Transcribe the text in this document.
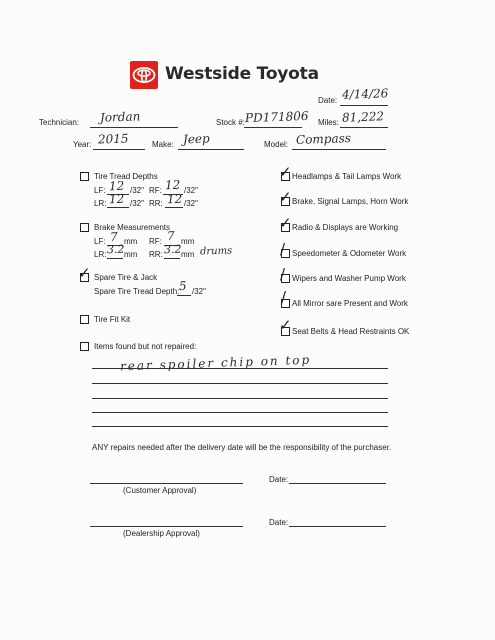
Westside Toyota
Date: 4/14/26
Technician: Jordan	Stock #: PD171806 Miles: 81,222
Year: 2015	Make: Jeep	Model: Compass
Tire Tread Depths
LF: 12 /32" RF: 12 /32"
LR: 12 /32" RR: 12 /32"
Brake Measurements
LF: 7 mm RF: 7 mm
LR: 3.2 mm RR: 3.2 mm drums
✓ Spare Tire & Jack
Spare Tire Tread Depth: 5 /32"
Tire Fit Kit
Items found but not repaired:
rear spoiler chip on top
✓ Headlamps & Tail Lamps Work
✓ Brake, Signal Lamps, Horn Work
✓ Radio & Displays are Working
/ Speedometer & Odometer Work
/ Wipers and Washer Pump Work
/ All Mirror sare Present and Work
✓ Seat Belts & Head Restraints OK
ANY repairs needed after the delivery date will be the responsibility of the purchaser.
(Customer Approval)
Date:
(Dealership Approval)
Date:
